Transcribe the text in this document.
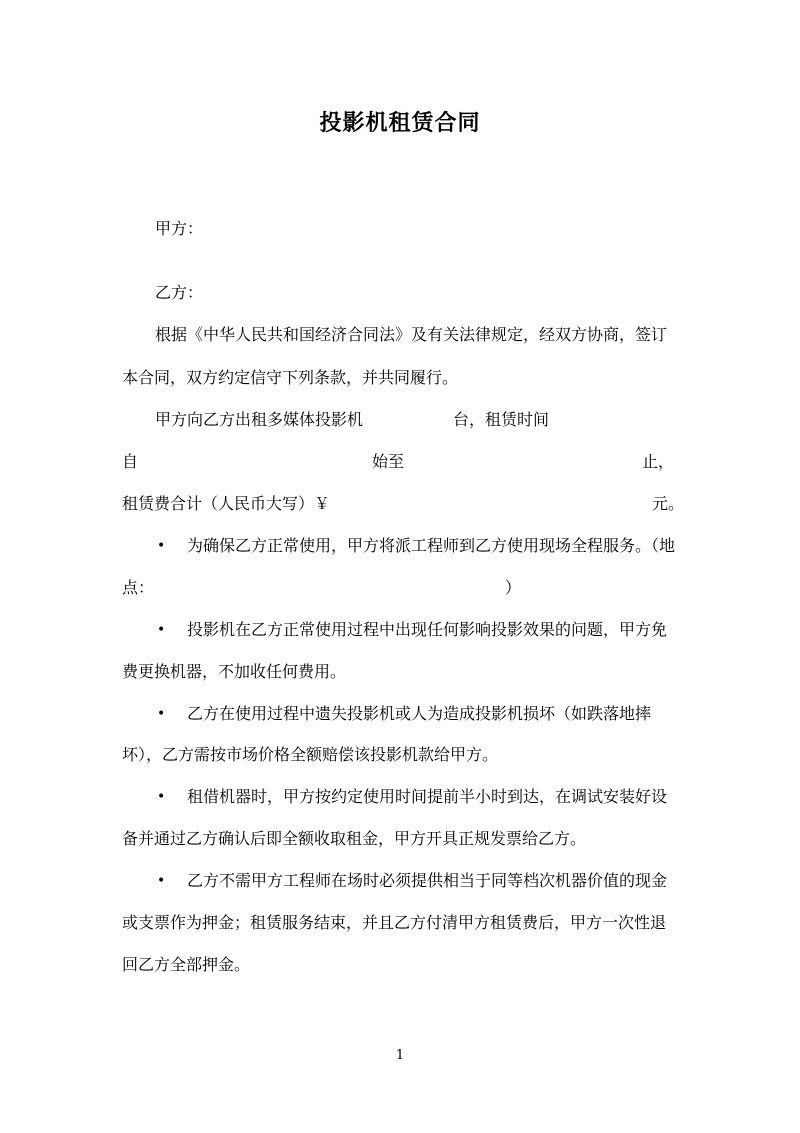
投影机租赁合同
甲方：
乙方：
根据《中华人民共和国经济合同法》及有关法律规定，经双方协商，签订
本合同，双方约定信守下列条款，并共同履行。
甲方向乙方出租多媒体投影机	台，租赁时间
自	始至	止，
租赁费合计（人民币大写）￥	元。
• 为确保乙方正常使用，甲方将派工程师到乙方使用现场全程服务。（地
点：	）
• 投影机在乙方正常使用过程中出现任何影响投影效果的问题，甲方免
费更换机器，不加收任何费用。
• 乙方在使用过程中遗失投影机或人为造成投影机损坏（如跌落地摔
坏），乙方需按市场价格全额赔偿该投影机款给甲方。
• 租借机器时，甲方按约定使用时间提前半小时到达，在调试安装好设
备并通过乙方确认后即全额收取租金，甲方开具正规发票给乙方。
• 乙方不需甲方工程师在场时必须提供相当于同等档次机器价值的现金
或支票作为押金；租赁服务结束，并且乙方付清甲方租赁费后，甲方一次性退
回乙方全部押金。
1
